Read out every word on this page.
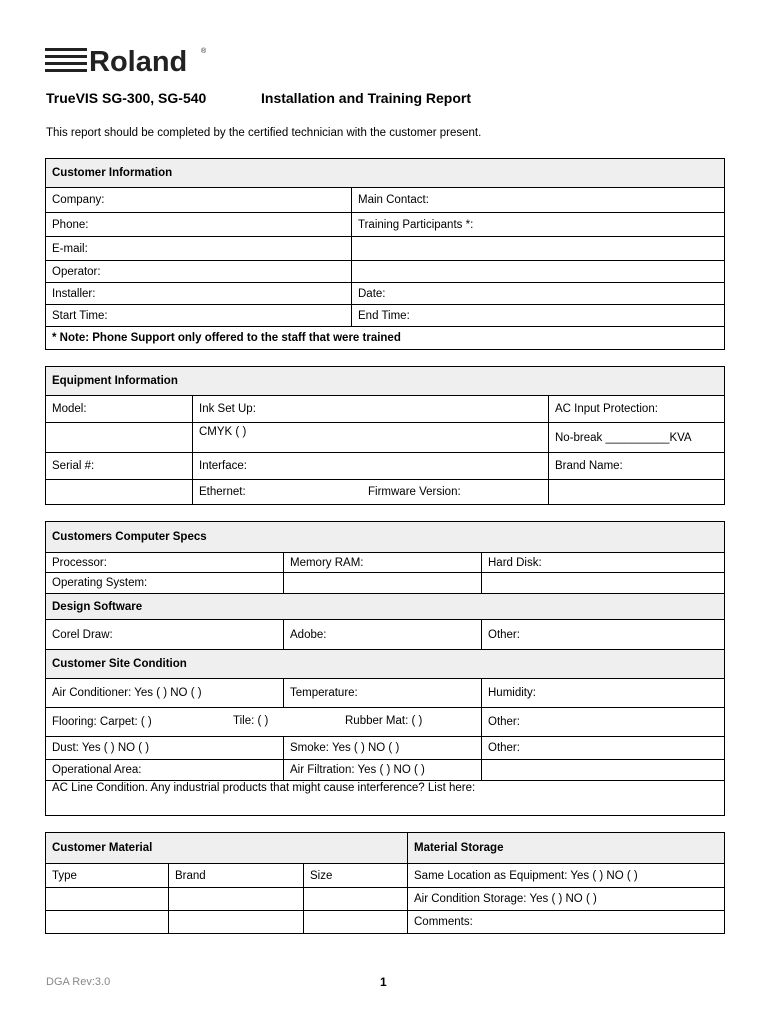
Roland ®
TrueVIS SG-300, SG-540	Installation and Training Report
This report should be completed by the certified technician with the customer present.
Customer Information	
Company:	Main Contact:
Phone:	Training Participants *:
E-mail:	
Operator:	
Installer:	Date:
Start Time:	End Time:
* Note: Phone Support only offered to the staff that were trained	
Equipment Information		
Model:	Ink Set Up:	AC Input Protection:
	CMYK ( )	No-break __________KVA
Serial #:	Interface:	Brand Name:
	Ethernet: Firmware Version:	

Customers Computer Specs		
Processor:	Memory RAM:	Hard Disk:
Operating System:		
Design Software		
Corel Draw:	Adobe:	Other:
Customer Site Condition		
Air Conditioner: Yes ( ) NO ( )	Temperature:	Humidity:
Flooring: Carpet: ( ) Tile: ( ) Rubber Mat: ( )		Other:
Dust: Yes ( ) NO ( )	Smoke: Yes ( ) NO ( )	Other:
Operational Area:	Air Filtration: Yes ( ) NO ( )	
AC Line Condition. Any industrial products that might cause interference? List here:		
Customer Material			Material Storage
Type	Brand	Size	Same Location as Equipment: Yes ( ) NO ( )
			Air Condition Storage: Yes ( ) NO ( )
			Comments:
DGA Rev:3.0	1
